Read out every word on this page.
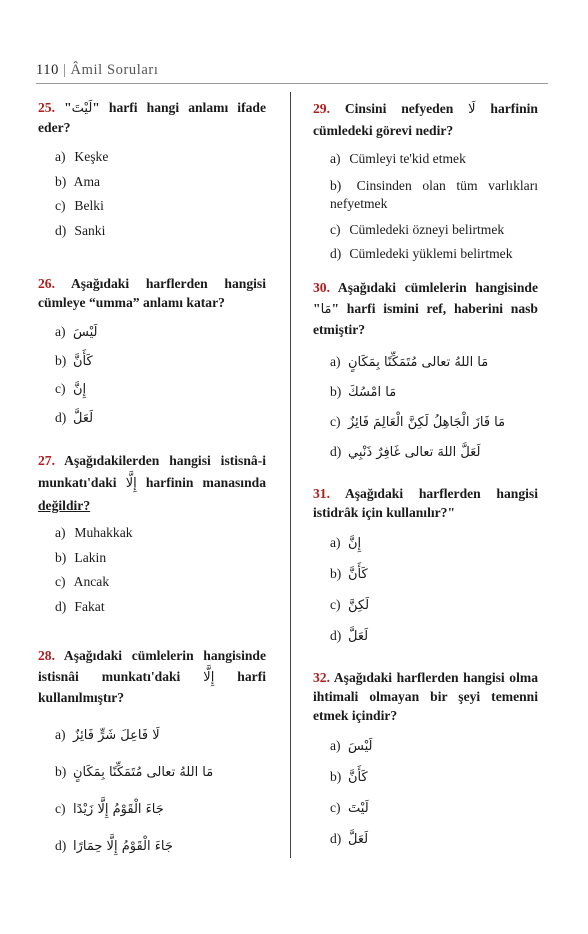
110 | Âmil Soruları

25. "لَيْتَ" harfi hangi anlamı ifade eder?

a) Keşke

b) Ama

c) Belki

d) Sanki

26. Aşağıdaki harflerden hangisi cümleye “umma” anlamı katar?

a) لَيْسَ

b) كَأَنَّ

c) إِنَّ

d) لَعَلَّ

27. Aşağıdakilerden hangisi istisnâ-i munkatı'daki إِلَّا harfinin manasında değildir?

a) Muhakkak

b) Lakin

c) Ancak

d) Fakat

28. Aşağıdaki cümlelerin hangisinde istisnâi munkatı'daki إِلَّا harfi kullanılmıştır?

a) لَا فَاعِلَ شَرٍّ فَائِزٌ

b) مَا اللهُ تعالى مُتَمَكِّنًا بِمَكَانٍ

c) جَاءَ الْقَوْمُ إِلَّا زَيْدًا

d) جَاءَ الْقَوْمُ إِلَّا حِمَارًا

29. Cinsini nefyeden لَا harfinin cümledeki görevi nedir?

a) Cümleyi te'kid etmek

b) Cinsinden olan tüm varlıkları nefyetmek

c) Cümledeki özneyi belirtmek

d) Cümledeki yüklemi belirtmek

30. Aşağıdaki cümlelerin hangisinde "مَا" harfi ismini ref, haberini nasb etmiştir?

a) مَا اللهُ تعالى مُتَمَكِّنًا بِمَكَانٍ

b) مَا امْسُكَ

c) مَا فَازَ الْجَاهِلُ لَكِنَّ الْعَالِمَ فَائِزٌ

d) لَعَلَّ اللهَ تعالى غَافِرٌ ذَنْبِي

31. Aşağıdaki harflerden hangisi istidrâk için kullanılır?"

a) إِنَّ

b) كَأَنَّ

c) لَكِنَّ

d) لَعَلَّ

32. Aşağıdaki harflerden hangisi olma ihtimali olmayan bir şeyi temenni etmek içindir?

a) لَيْسَ

b) كَأَنَّ

c) لَيْتَ

d) لَعَلَّ
